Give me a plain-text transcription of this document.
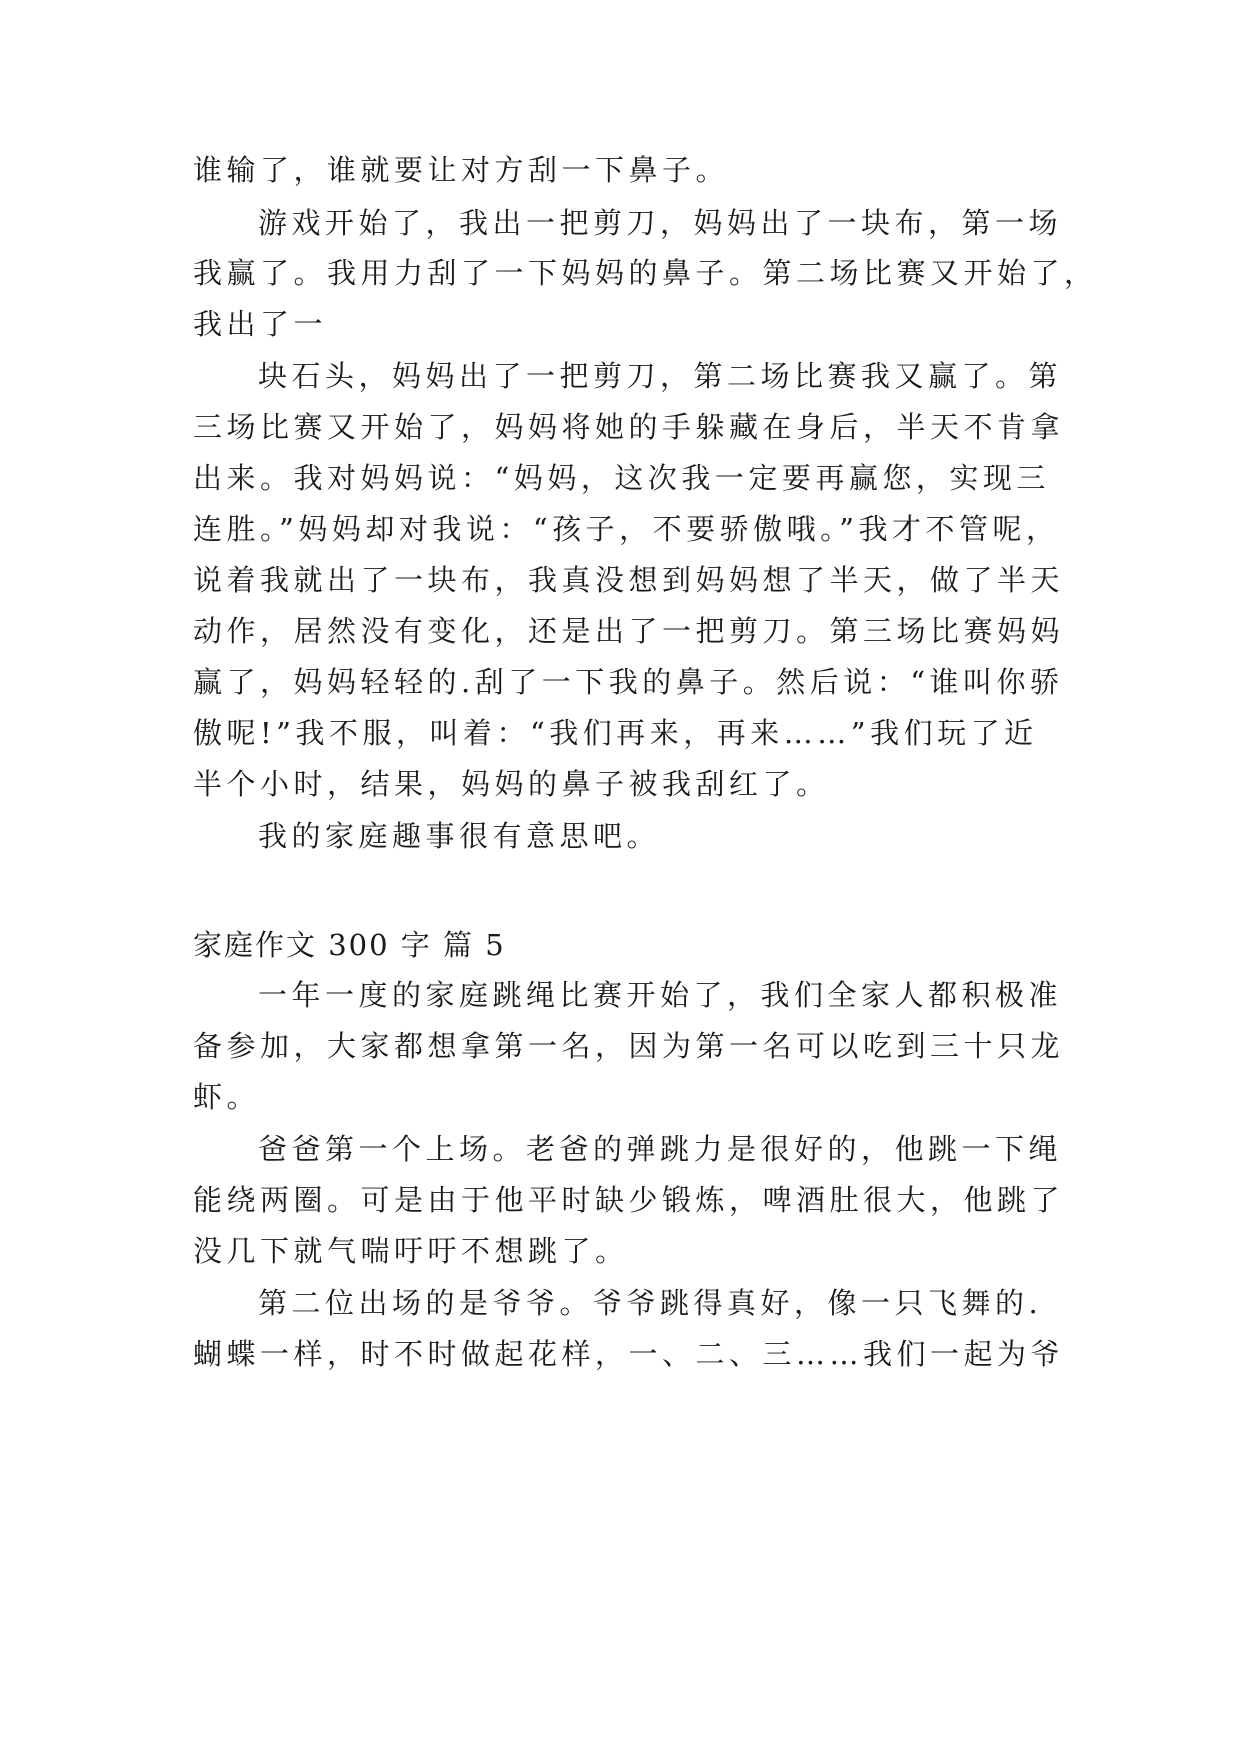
谁输了，谁就要让对方刮一下鼻子。
游戏开始了，我出一把剪刀，妈妈出了一块布，第一场
我赢了。我用力刮了一下妈妈的鼻子。第二场比赛又开始了，
我出了一
块石头，妈妈出了一把剪刀，第二场比赛我又赢了。第
三场比赛又开始了，妈妈将她的手躲藏在身后，半天不肯拿
出来。我对妈妈说：“妈妈，这次我一定要再赢您，实现三
连胜。”妈妈却对我说：“孩子，不要骄傲哦。”我才不管呢，
说着我就出了一块布，我真没想到妈妈想了半天，做了半天
动作，居然没有变化，还是出了一把剪刀。第三场比赛妈妈
赢了，妈妈轻轻的.刮了一下我的鼻子。然后说：“谁叫你骄
傲呢!”我不服，叫着：“我们再来，再来……”我们玩了近
半个小时，结果，妈妈的鼻子被我刮红了。
我的家庭趣事很有意思吧。
家庭作文 300 字 篇 5
一年一度的家庭跳绳比赛开始了，我们全家人都积极准
备参加，大家都想拿第一名，因为第一名可以吃到三十只龙
虾。
爸爸第一个上场。老爸的弹跳力是很好的，他跳一下绳
能绕两圈。可是由于他平时缺少锻炼，啤酒肚很大，他跳了
没几下就气喘吁吁不想跳了。
第二位出场的是爷爷。爷爷跳得真好，像一只飞舞的.
蝴蝶一样，时不时做起花样，一、二、三……我们一起为爷
